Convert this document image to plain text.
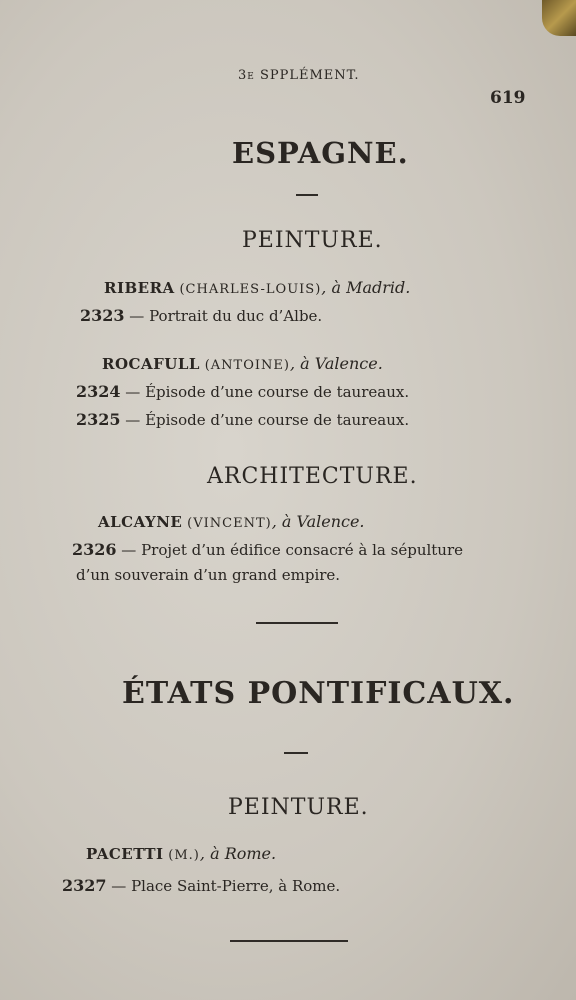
3e SPPLÉMENT.
619
ESPAGNE.
PEINTURE.
RIBERA (CHARLES-LOUIS), à Madrid.
2323 — Portrait du duc d’Albe.
ROCAFULL (ANTOINE), à Valence.
2324 — Épisode d’une course de taureaux.
2325 — Épisode d’une course de taureaux.
ARCHITECTURE.
ALCAYNE (VINCENT), à Valence.
2326 — Projet d’un édifice consacré à la sépulture
d’un souverain d’un grand empire.
ÉTATS PONTIFICAUX.
PEINTURE.
PACETTI (M.), à Rome.
2327 — Place Saint-Pierre, à Rome.
